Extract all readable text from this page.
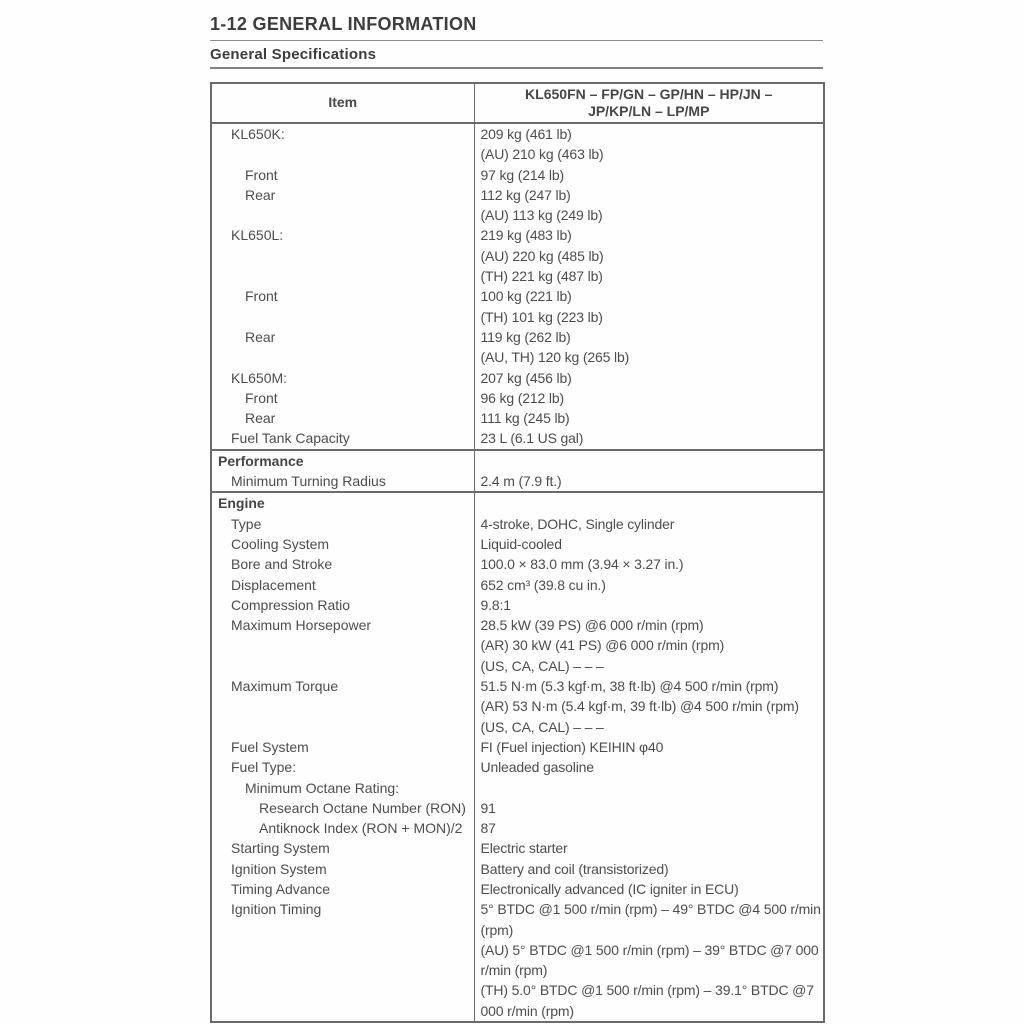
1-12 GENERAL INFORMATION
General Specifications
Item	KL650FN – FP/GN – GP/HN – HP/JN –
JP/KP/LN – LP/MP

KL650K:	209 kg (461 lb)
	(AU) 210 kg (463 lb)
Front	97 kg (214 lb)
Rear	112 kg (247 lb)
	(AU) 113 kg (249 lb)
KL650L:	219 kg (483 lb)
	(AU) 220 kg (485 lb)
	(TH) 221 kg (487 lb)
Front	100 kg (221 lb)
	(TH) 101 kg (223 lb)
Rear	119 kg (262 lb)
	(AU, TH) 120 kg (265 lb)
KL650M:	207 kg (456 lb)
Front	96 kg (212 lb)
Rear	111 kg (245 lb)
Fuel Tank Capacity	23 L (6.1 US gal)
Performance	
Minimum Turning Radius	2.4 m (7.9 ft.)
Engine	
Type	4-stroke, DOHC, Single cylinder
Cooling System	Liquid-cooled
Bore and Stroke	100.0 × 83.0 mm (3.94 × 3.27 in.)
Displacement	652 cm³ (39.8 cu in.)
Compression Ratio	9.8:1
Maximum Horsepower	28.5 kW (39 PS) @6 000 r/min (rpm)
	(AR) 30 kW (41 PS) @6 000 r/min (rpm)
	(US, CA, CAL) – – –
Maximum Torque	51.5 N·m (5.3 kgf·m, 38 ft·lb) @4 500 r/min (rpm)
	(AR) 53 N·m (5.4 kgf·m, 39 ft·lb) @4 500 r/min (rpm)
	(US, CA, CAL) – – –
Fuel System	FI (Fuel injection) KEIHIN φ40
Fuel Type:	Unleaded gasoline
Minimum Octane Rating:	
Research Octane Number (RON)	91
Antiknock Index (RON + MON)/2	87
Starting System	Electric starter
Ignition System	Battery and coil (transistorized)
Timing Advance	Electronically advanced (IC igniter in ECU)
Ignition Timing	5° BTDC @1 500 r/min (rpm) – 49° BTDC @4 500 r/min (rpm)
	(AU) 5° BTDC @1 500 r/min (rpm) – 39° BTDC @7 000 r/min (rpm)
	(TH) 5.0° BTDC @1 500 r/min (rpm) – 39.1° BTDC @7 000 r/min (rpm)
